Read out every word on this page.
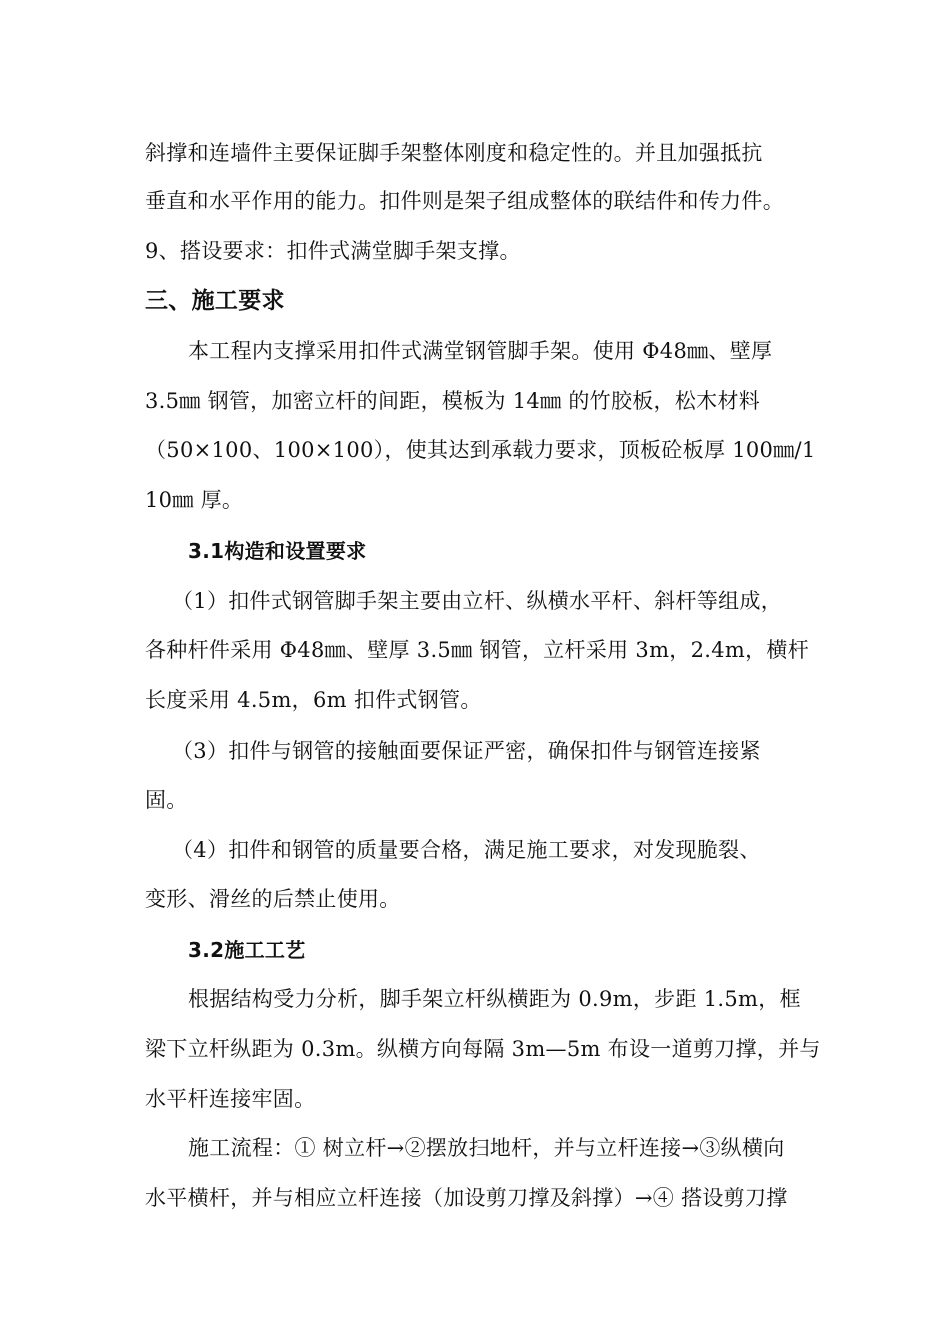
斜撑和连墙件主要保证脚手架整体刚度和稳定性的。并且加强抵抗
垂直和水平作用的能力。扣件则是架子组成整体的联结件和传力件。
9、搭设要求：扣件式满堂脚手架支撑。
三、施工要求
本工程内支撑采用扣件式满堂钢管脚手架。使用 Φ48㎜、壁厚
3.5㎜ 钢管，加密立杆的间距，模板为 14㎜ 的竹胶板，松木材料
（50×100、100×100），使其达到承载力要求，顶板砼板厚 100㎜/1
10㎜ 厚。
3.1构造和设置要求
（1）扣件式钢管脚手架主要由立杆、纵横水平杆、斜杆等组成，
各种杆件采用 Φ48㎜、壁厚 3.5㎜ 钢管，立杆采用 3m，2.4m，横杆
长度采用 4.5m，6m 扣件式钢管。
（3）扣件与钢管的接触面要保证严密，确保扣件与钢管连接紧
固。
（4）扣件和钢管的质量要合格，满足施工要求，对发现脆裂、
变形、滑丝的后禁止使用。
3.2施工工艺
根据结构受力分析，脚手架立杆纵横距为 0.9m，步距 1.5m，框
梁下立杆纵距为 0.3m。纵横方向每隔 3m—5m 布设一道剪刀撑，并与
水平杆连接牢固。
施工流程：① 树立杆→②摆放扫地杆，并与立杆连接→③纵横向
水平横杆，并与相应立杆连接（加设剪刀撑及斜撑）→④ 搭设剪刀撑
